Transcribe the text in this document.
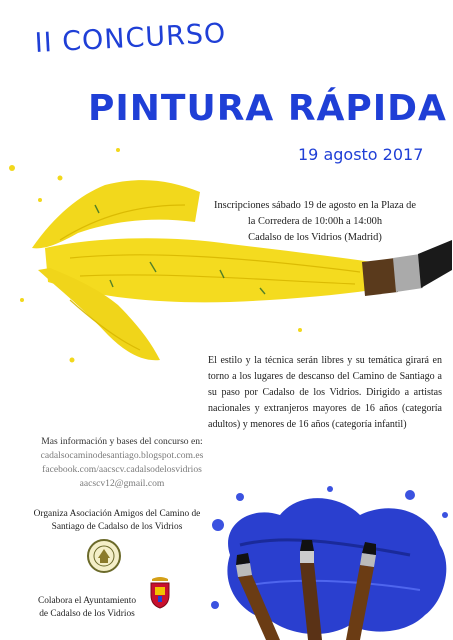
II CONCURSO
PINTURA RÁPIDA
19 agosto 2017
Inscripciones sábado 19 de agosto en la Plaza de
la Corredera de 10:00h a 14:00h
Cadalso de los Vidrios (Madrid)
El estilo y la técnica serán libres y su temática girará en torno a los lugares de descanso del Camino de Santiago a su paso por Cadalso de los Vidrios. Dirigido a artistas nacionales y extranjeros mayores de 16 años (categoría adultos) y menores de 16 años (categoría infantil)
Mas información y bases del concurso en:
cadalsocaminodesantiago.blogspot.com.es
facebook.com/aacscv.cadalsodelosvidrios
aacscv12@gmail.com
Organiza Asociación Amigos del Camino de
Santiago de Cadalso de los Vidrios
Colabora el Ayuntamiento
de Cadalso de los Vidrios
